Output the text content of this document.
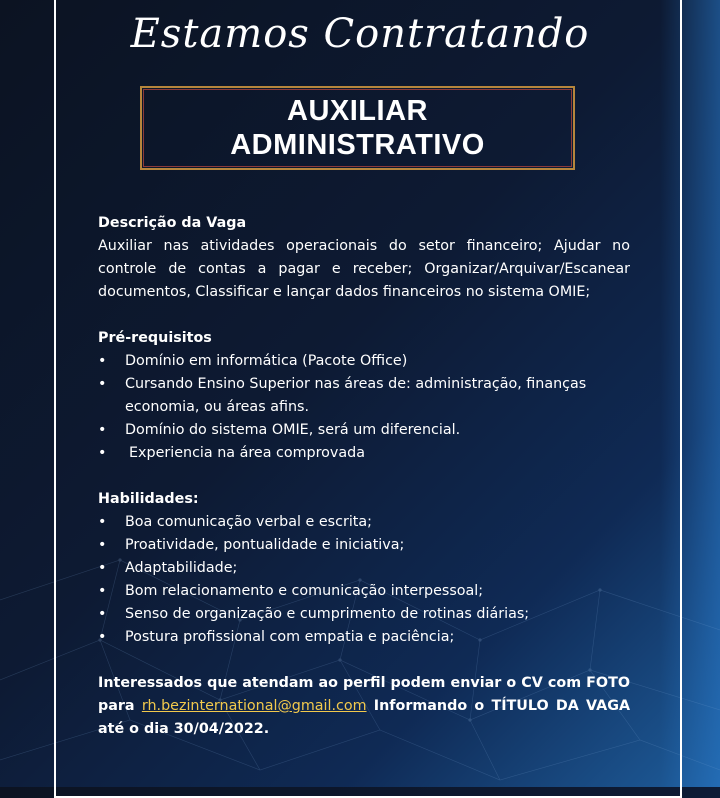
Estamos Contratando
AUXILIAR
ADMINISTRATIVO
Descrição da Vaga
Auxiliar nas atividades operacionais do setor financeiro; Ajudar no controle de contas a pagar e receber; Organizar/Arquivar/Escanear documentos, Classificar e lançar dados financeiros no sistema OMIE;
Pré-requisitos
• Domínio em informática (Pacote Office)
• Cursando Ensino Superior nas áreas de: administração, finanças economia, ou áreas afins.
• Domínio do sistema OMIE, será um diferencial.
• Experiencia na área comprovada
Habilidades:
• Boa comunicação verbal e escrita;
• Proatividade, pontualidade e iniciativa;
• Adaptabilidade;
• Bom relacionamento e comunicação interpessoal;
• Senso de organização e cumprimento de rotinas diárias;
• Postura profissional com empatia e paciência;
Interessados que atendam ao perfil podem enviar o CV com FOTO para rh.bezinternational@gmail.com Informando o TÍTULO DA VAGA até o dia 30/04/2022.
